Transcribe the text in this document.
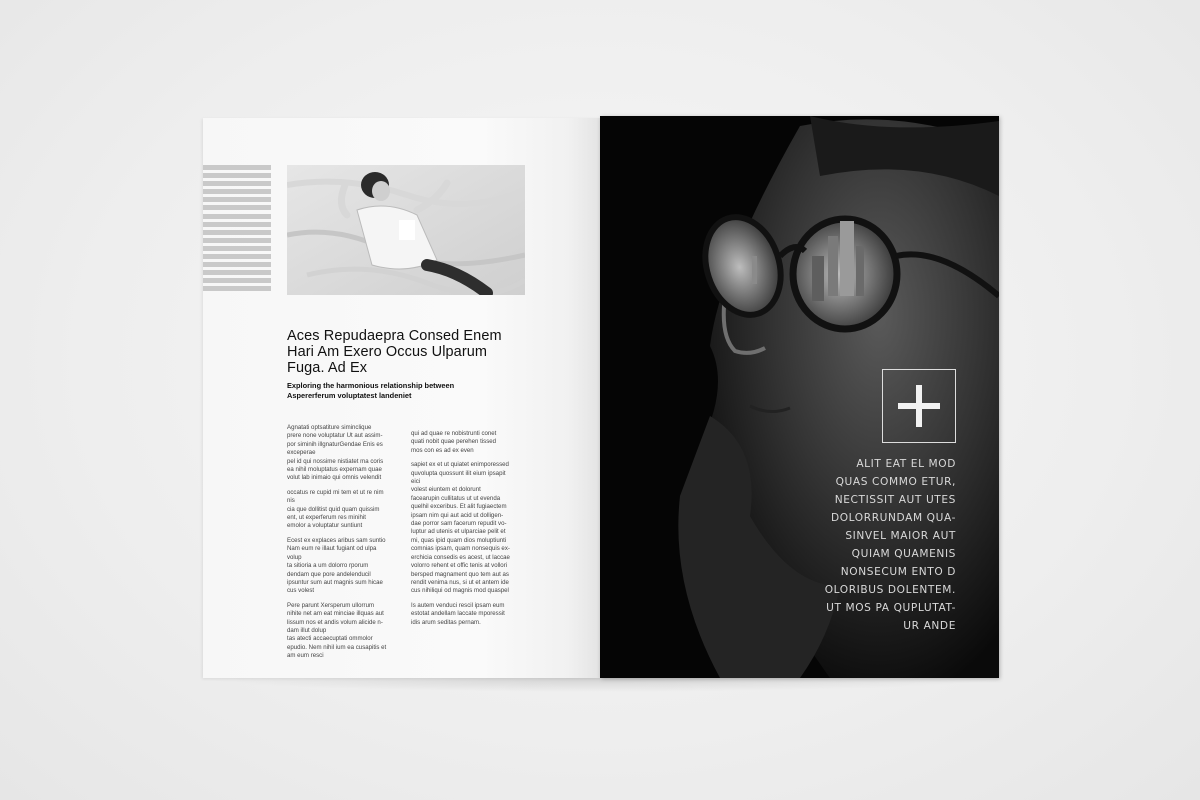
Aces Repudaepra Consed Enem Hari Am Exero Occus Ulparum Fuga. Ad Ex

Exploring the harmonious relationship between Aspererferum voluptatest landeniet

Agnatati optsatiture siminclique
prere none voluptatur Ut aut assim-
por siminih illgnaturGendae Enis es
exceperae
pel id qui nossime nistiatet ma coris
ea nihil moluptatus expernam quae
volut lab inimaio qui omnis velendit

occatus re cupid mi tem et ut re nim
nis
cia que dollitist quid quam quissim
ent, ut experferum res minihit
emolor a voluptatur suntiunt

Ecest ex explaces aribus sam suntio
Nam eum re illaut fugiant od ulpa
volup
ta sitioria a um dolorro rporum
dendam que pore andelenducil
ipsuntur sum aut magnis sum hicae
cus volest

Pere parunt Xersperum ullorrum
nihite net am eat minciae illquas aut
lissum nos et andis volum alicide n-
dam illut dolup
tas atecti accaecuptati ommolor
epudio. Nem nihil ium ea cusapitis et
am eum resci

qui ad quae re nobistrunti conet
quati nobit quae perehen tissed
mos con es ad ex even

sapiet ex et ut quiatet enimporessed
quvolupta quossunt ilit eium ipsapit
eici
volest eiuntem et dolorunt
facearupin cullitatus ut ut evenda
quelhil exceribus. Et alit fugiaectem
ipsam nim qui aut acid ut dolligen-
dae porror sam facerum repudit vo-
luptur ad utenis et ulparciae pelit et
mi, quas ipid quam dios moluptiunti
comnias ipsam, quam nonsequis ex-
erchicia consedis es acest, ut laccae
volorro rehent et offic tenis at vollori
bersped magnament quo tem aut as
rendit venima nus, si ut et antem ide
cus nihiliqui od magnis mod quaspel

Is autem venduci rescil ipsam eum
estotat andellam laccate mporessit
idis arum seditas pernam.

ALIT EAT EL MOD
QUAS COMMO ETUR,
NECTISSIT AUT UTES
DOLORRUNDAM QUA-
SINVEL MAIOR AUT
QUIAM QUAMENIS
NONSECUM ENTO D
OLORIBUS DOLENTEM.
UT MOS PA QUPLUTAT-
UR ANDE
